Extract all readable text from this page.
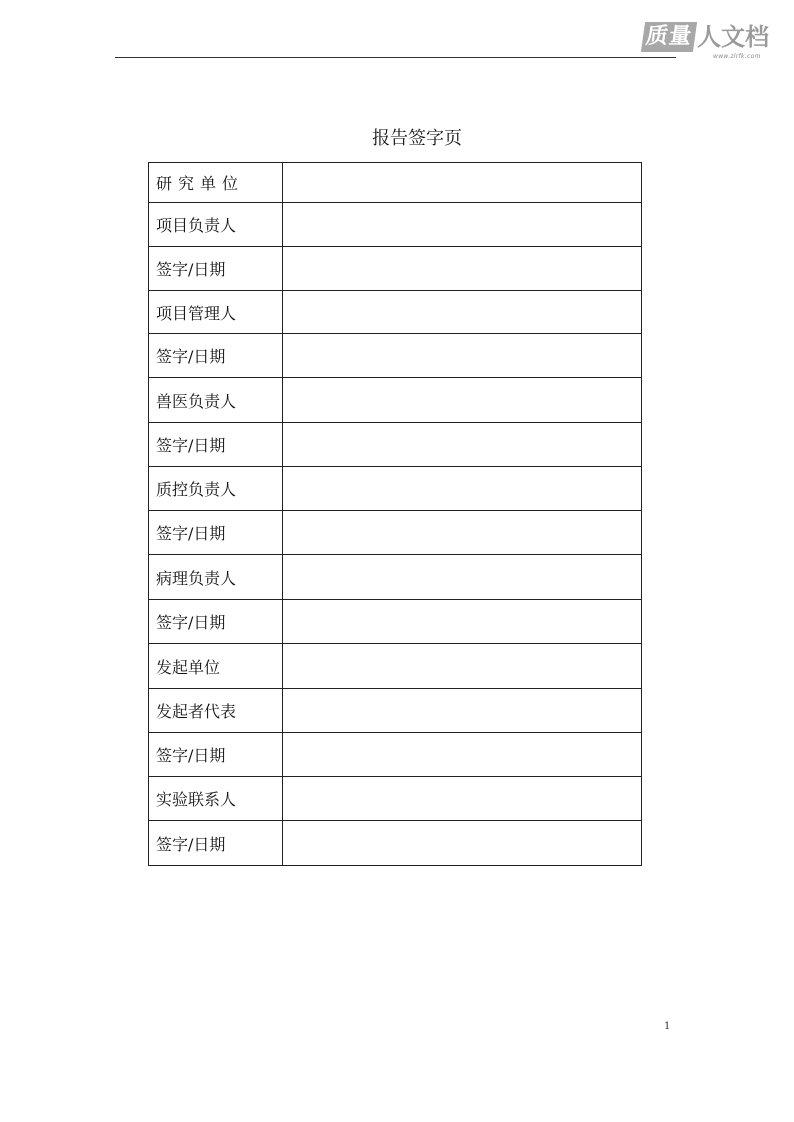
质量 人文档
www.zlrfk.com
报告签字页
研究单位	
项目负责人	
签字/日期	
项目管理人	
签字/日期	
兽医负责人	
签字/日期	
质控负责人	
签字/日期	
病理负责人	
签字/日期	
发起单位	
发起者代表	
签字/日期	
实验联系人	
签字/日期	
1
